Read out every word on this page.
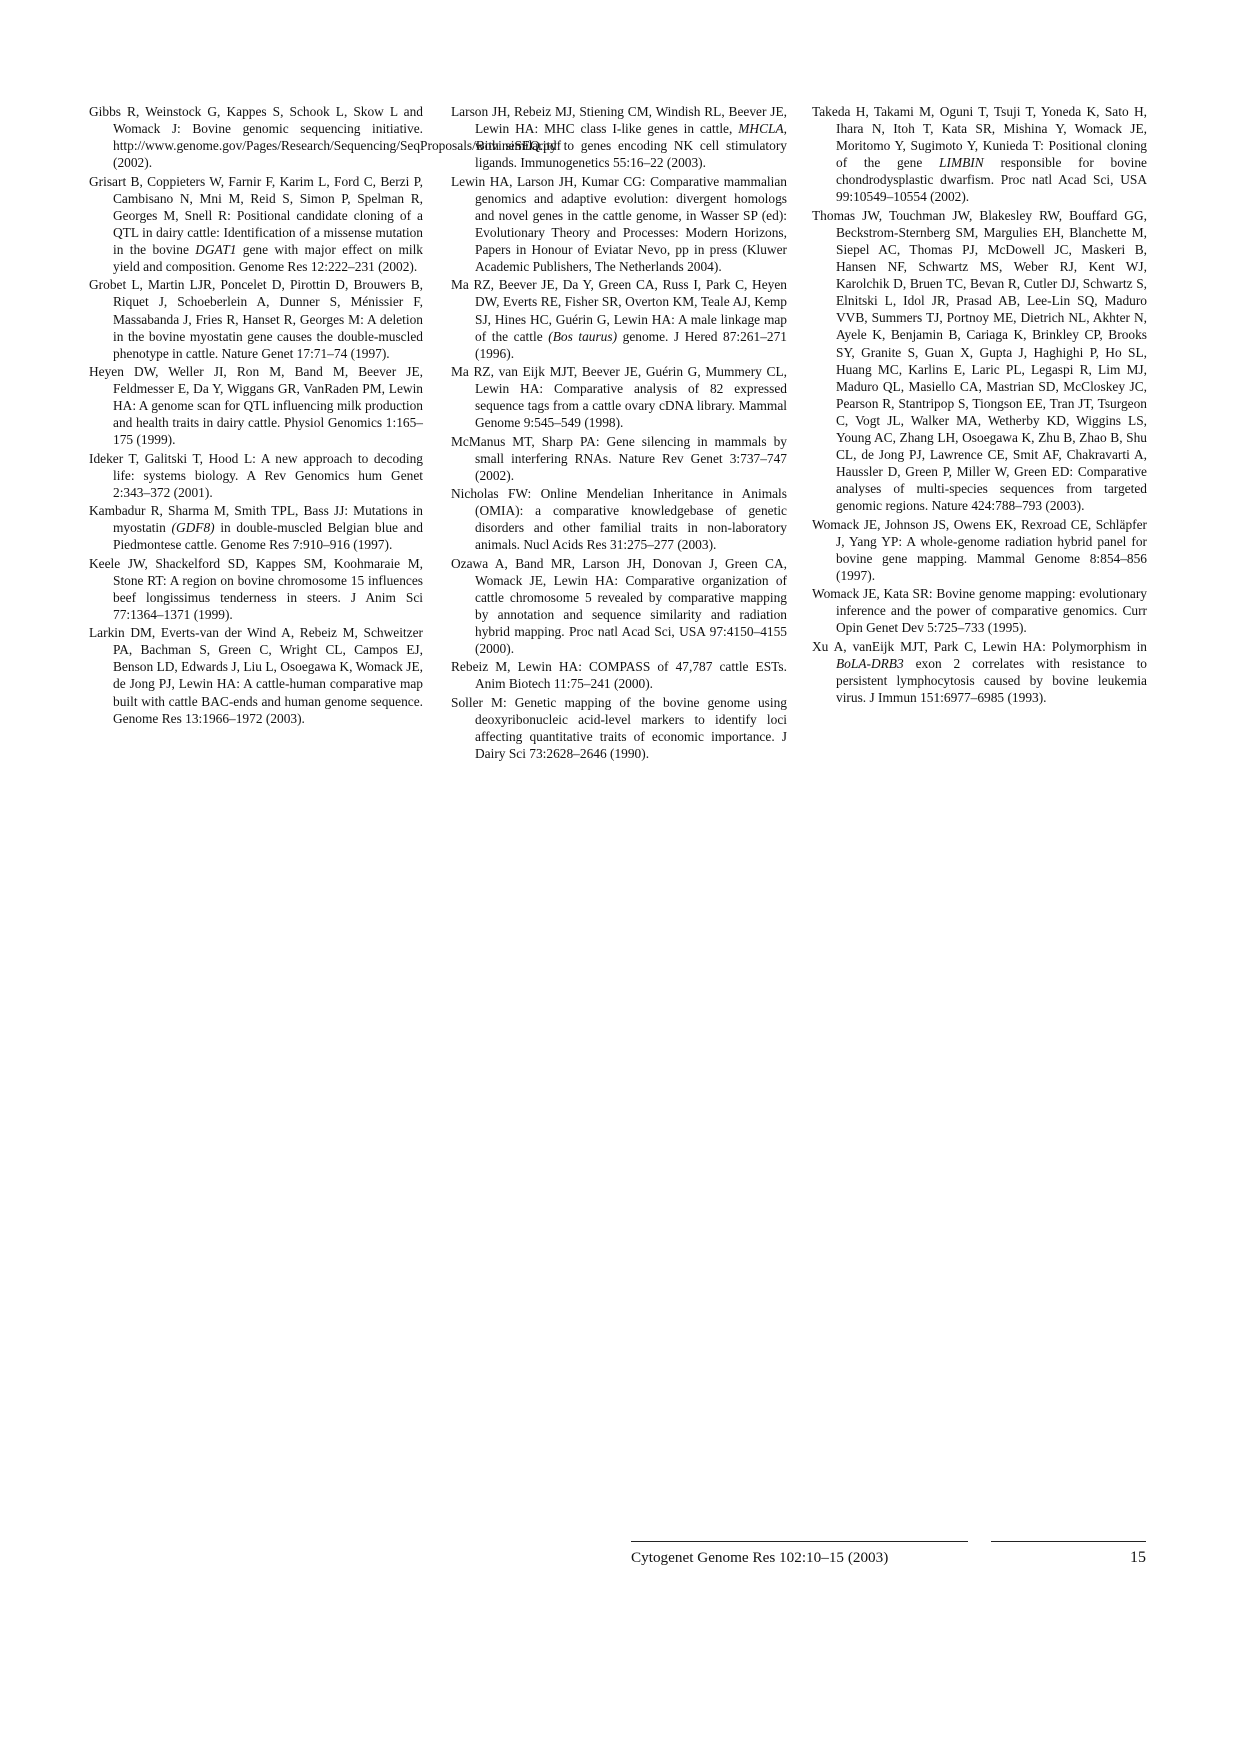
Gibbs R, Weinstock G, Kappes S, Schook L, Skow L and Womack J: Bovine genomic sequencing initiative. http://www.genome.gov/Pages/Research/Sequencing/SeqProposals/BovineSEQ.pdf (2002).

Grisart B, Coppieters W, Farnir F, Karim L, Ford C, Berzi P, Cambisano N, Mni M, Reid S, Simon P, Spelman R, Georges M, Snell R: Positional candidate cloning of a QTL in dairy cattle: Identification of a missense mutation in the bovine DGAT1 gene with major effect on milk yield and composition. Genome Res 12:222–231 (2002).

Grobet L, Martin LJR, Poncelet D, Pirottin D, Brouwers B, Riquet J, Schoeberlein A, Dunner S, Ménissier F, Massabanda J, Fries R, Hanset R, Georges M: A deletion in the bovine myostatin gene causes the double-muscled phenotype in cattle. Nature Genet 17:71–74 (1997).

Heyen DW, Weller JI, Ron M, Band M, Beever JE, Feldmesser E, Da Y, Wiggans GR, VanRaden PM, Lewin HA: A genome scan for QTL influencing milk production and health traits in dairy cattle. Physiol Genomics 1:165–175 (1999).

Ideker T, Galitski T, Hood L: A new approach to decoding life: systems biology. A Rev Genomics hum Genet 2:343–372 (2001).

Kambadur R, Sharma M, Smith TPL, Bass JJ: Mutations in myostatin (GDF8) in double-muscled Belgian blue and Piedmontese cattle. Genome Res 7:910–916 (1997).

Keele JW, Shackelford SD, Kappes SM, Koohmaraie M, Stone RT: A region on bovine chromosome 15 influences beef longissimus tenderness in steers. J Anim Sci 77:1364–1371 (1999).

Larkin DM, Everts-van der Wind A, Rebeiz M, Schweitzer PA, Bachman S, Green C, Wright CL, Campos EJ, Benson LD, Edwards J, Liu L, Osoegawa K, Womack JE, de Jong PJ, Lewin HA: A cattle-human comparative map built with cattle BAC-ends and human genome sequence. Genome Res 13:1966–1972 (2003).

Larson JH, Rebeiz MJ, Stiening CM, Windish RL, Beever JE, Lewin HA: MHC class I-like genes in cattle, MHCLA, with similarity to genes encoding NK cell stimulatory ligands. Immunogenetics 55:16–22 (2003).

Lewin HA, Larson JH, Kumar CG: Comparative mammalian genomics and adaptive evolution: divergent homologs and novel genes in the cattle genome, in Wasser SP (ed): Evolutionary Theory and Processes: Modern Horizons, Papers in Honour of Eviatar Nevo, pp in press (Kluwer Academic Publishers, The Netherlands 2004).

Ma RZ, Beever JE, Da Y, Green CA, Russ I, Park C, Heyen DW, Everts RE, Fisher SR, Overton KM, Teale AJ, Kemp SJ, Hines HC, Guérin G, Lewin HA: A male linkage map of the cattle (Bos taurus) genome. J Hered 87:261–271 (1996).

Ma RZ, van Eijk MJT, Beever JE, Guérin G, Mummery CL, Lewin HA: Comparative analysis of 82 expressed sequence tags from a cattle ovary cDNA library. Mammal Genome 9:545–549 (1998).

McManus MT, Sharp PA: Gene silencing in mammals by small interfering RNAs. Nature Rev Genet 3:737–747 (2002).

Nicholas FW: Online Mendelian Inheritance in Animals (OMIA): a comparative knowledgebase of genetic disorders and other familial traits in non-laboratory animals. Nucl Acids Res 31:275–277 (2003).

Ozawa A, Band MR, Larson JH, Donovan J, Green CA, Womack JE, Lewin HA: Comparative organization of cattle chromosome 5 revealed by comparative mapping by annotation and sequence similarity and radiation hybrid mapping. Proc natl Acad Sci, USA 97:4150–4155 (2000).

Rebeiz M, Lewin HA: COMPASS of 47,787 cattle ESTs. Anim Biotech 11:75–241 (2000).

Soller M: Genetic mapping of the bovine genome using deoxyribonucleic acid-level markers to identify loci affecting quantitative traits of economic importance. J Dairy Sci 73:2628–2646 (1990).

Takeda H, Takami M, Oguni T, Tsuji T, Yoneda K, Sato H, Ihara N, Itoh T, Kata SR, Mishina Y, Womack JE, Moritomo Y, Sugimoto Y, Kunieda T: Positional cloning of the gene LIMBIN responsible for bovine chondrodysplastic dwarfism. Proc natl Acad Sci, USA 99:10549–10554 (2002).

Thomas JW, Touchman JW, Blakesley RW, Bouffard GG, Beckstrom-Sternberg SM, Margulies EH, Blanchette M, Siepel AC, Thomas PJ, McDowell JC, Maskeri B, Hansen NF, Schwartz MS, Weber RJ, Kent WJ, Karolchik D, Bruen TC, Bevan R, Cutler DJ, Schwartz S, Elnitski L, Idol JR, Prasad AB, Lee-Lin SQ, Maduro VVB, Summers TJ, Portnoy ME, Dietrich NL, Akhter N, Ayele K, Benjamin B, Cariaga K, Brinkley CP, Brooks SY, Granite S, Guan X, Gupta J, Haghighi P, Ho SL, Huang MC, Karlins E, Laric PL, Legaspi R, Lim MJ, Maduro QL, Masiello CA, Mastrian SD, McCloskey JC, Pearson R, Stantripop S, Tiongson EE, Tran JT, Tsurgeon C, Vogt JL, Walker MA, Wetherby KD, Wiggins LS, Young AC, Zhang LH, Osoegawa K, Zhu B, Zhao B, Shu CL, de Jong PJ, Lawrence CE, Smit AF, Chakravarti A, Haussler D, Green P, Miller W, Green ED: Comparative analyses of multi-species sequences from targeted genomic regions. Nature 424:788–793 (2003).

Womack JE, Johnson JS, Owens EK, Rexroad CE, Schläpfer J, Yang YP: A whole-genome radiation hybrid panel for bovine gene mapping. Mammal Genome 8:854–856 (1997).

Womack JE, Kata SR: Bovine genome mapping: evolutionary inference and the power of comparative genomics. Curr Opin Genet Dev 5:725–733 (1995).

Xu A, vanEijk MJT, Park C, Lewin HA: Polymorphism in BoLA-DRB3 exon 2 correlates with resistance to persistent lymphocytosis caused by bovine leukemia virus. J Immun 151:6977–6985 (1993).

Cytogenet Genome Res 102:10–15 (2003)	15
